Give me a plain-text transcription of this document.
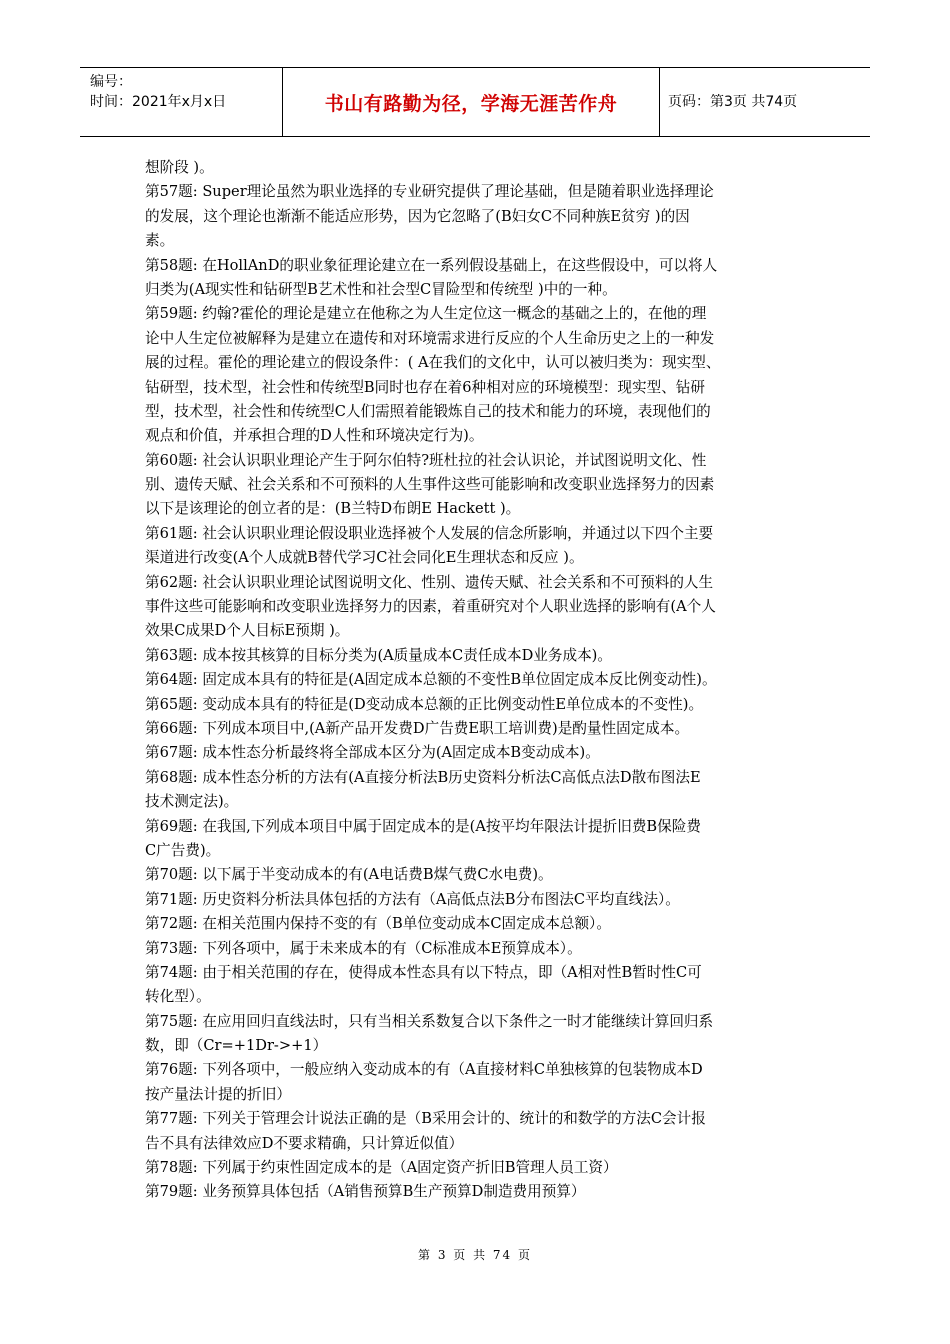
编号：
时间：2021年x月x日	书山有路勤为径，学海无涯苦作舟	页码：第3页 共74页
想阶段 )。
第57题: Super理论虽然为职业选择的专业研究提供了理论基础，但是随着职业选择理论
的发展，这个理论也渐渐不能适应形势，因为它忽略了(B妇女C不同种族E贫穷 )的因
素。
第58题: 在HollAnD的职业象征理论建立在一系列假设基础上，在这些假设中，可以将人
归类为(A现实性和钻研型B艺术性和社会型C冒险型和传统型 )中的一种。
第59题: 约翰?霍伦的理论是建立在他称之为人生定位这一概念的基础之上的，在他的理
论中人生定位被解释为是建立在遗传和对环境需求进行反应的个人生命历史之上的一种发
展的过程。霍伦的理论建立的假设条件：( A在我们的文化中，认可以被归类为：现实型、
钻研型，技术型，社会性和传统型B同时也存在着6种相对应的环境模型：现实型、钻研
型，技术型，社会性和传统型C人们需照着能锻炼自己的技术和能力的环境，表现他们的
观点和价值，并承担合理的D人性和环境决定行为)。
第60题: 社会认识职业理论产生于阿尔伯特?班杜拉的社会认识论，并试图说明文化、性
别、遗传天赋、社会关系和不可预料的人生事件这些可能影响和改变职业选择努力的因素
以下是该理论的创立者的是：(B兰特D布朗E Hackett )。
第61题: 社会认识职业理论假设职业选择被个人发展的信念所影响，并通过以下四个主要
渠道进行改变(A个人成就B替代学习C社会同化E生理状态和反应 )。
第62题: 社会认识职业理论试图说明文化、性别、遗传天赋、社会关系和不可预料的人生
事件这些可能影响和改变职业选择努力的因素，着重研究对个人职业选择的影响有(A个人
效果C成果D个人目标E预期 )。
第63题: 成本按其核算的目标分类为(A质量成本C责任成本D业务成本)。
第64题: 固定成本具有的特征是(A固定成本总额的不变性B单位固定成本反比例变动性)。
第65题: 变动成本具有的特征是(D变动成本总额的正比例变动性E单位成本的不变性)。
第66题: 下列成本项目中,(A新产品开发费D广告费E职工培训费)是酌量性固定成本。
第67题: 成本性态分析最终将全部成本区分为(A固定成本B变动成本)。
第68题: 成本性态分析的方法有(A直接分析法B历史资料分析法C高低点法D散布图法E
技术测定法)。
第69题: 在我国,下列成本项目中属于固定成本的是(A按平均年限法计提折旧费B保险费
C广告费)。
第70题: 以下属于半变动成本的有(A电话费B煤气费C水电费)。
第71题: 历史资料分析法具体包括的方法有（A高低点法B分布图法C平均直线法）。
第72题: 在相关范围内保持不变的有（B单位变动成本C固定成本总额）。
第73题: 下列各项中，属于未来成本的有（C标准成本E预算成本）。
第74题: 由于相关范围的存在，使得成本性态具有以下特点，即（A相对性B暂时性C可
转化型）。
第75题: 在应用回归直线法时，只有当相关系数复合以下条件之一时才能继续计算回归系
数，即（Cr=+1Dr->+1）
第76题: 下列各项中，一般应纳入变动成本的有（A直接材料C单独核算的包装物成本D
按产量法计提的折旧）
第77题: 下列关于管理会计说法正确的是（B采用会计的、统计的和数学的方法C会计报
告不具有法律效应D不要求精确，只计算近似值）
第78题: 下列属于约束性固定成本的是（A固定资产折旧B管理人员工资）
第79题: 业务预算具体包括（A销售预算B生产预算D制造费用预算）
第 3 页 共 74 页
